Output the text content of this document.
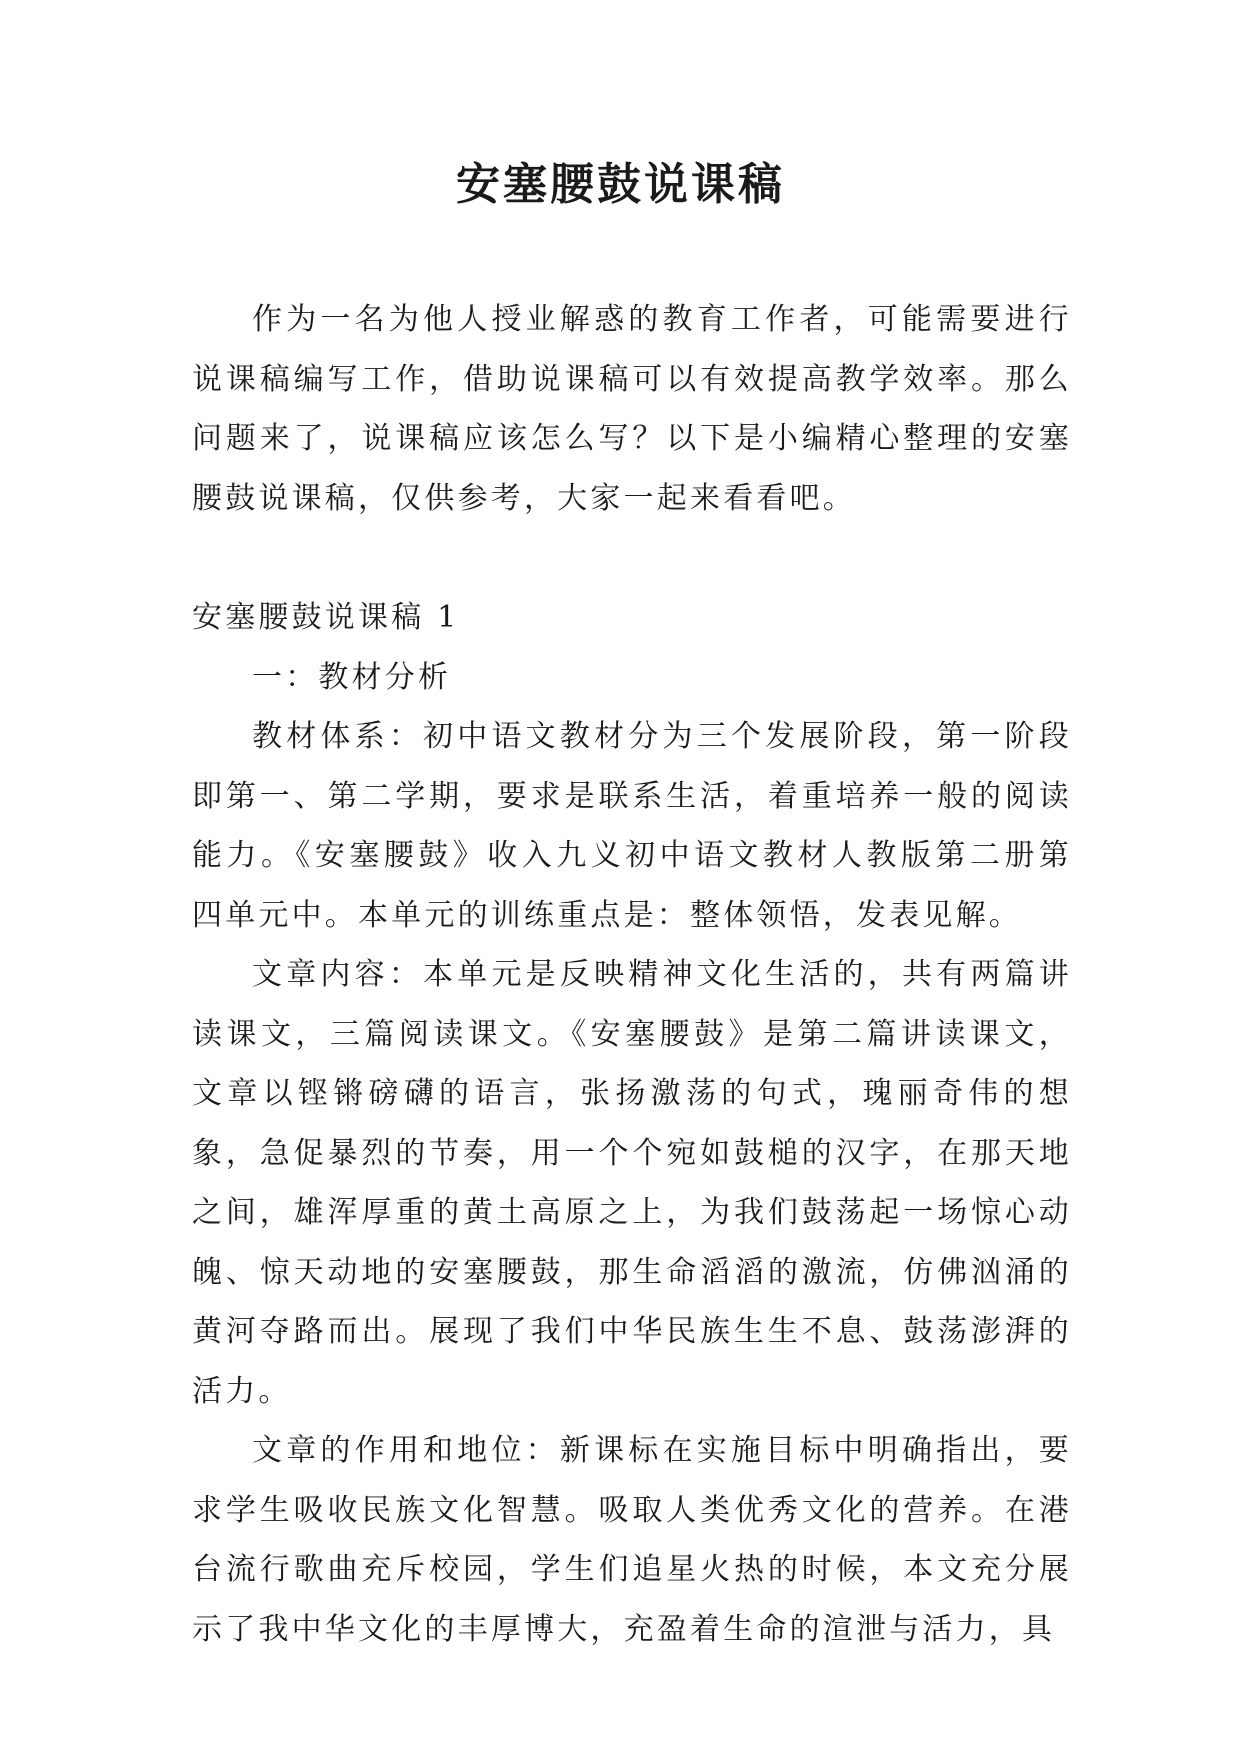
安塞腰鼓说课稿

作为一名为他人授业解惑的教育工作者，可能需要进行说课稿编写工作，借助说课稿可以有效提高教学效率。那么问题来了，说课稿应该怎么写？以下是小编精心整理的安塞腰鼓说课稿，仅供参考，大家一起来看看吧。

安塞腰鼓说课稿 1

一：教材分析

教材体系：初中语文教材分为三个发展阶段，第一阶段即第一、第二学期，要求是联系生活，着重培养一般的阅读能力。《安塞腰鼓》收入九义初中语文教材人教版第二册第四单元中。本单元的训练重点是：整体领悟，发表见解。

文章内容：本单元是反映精神文化生活的，共有两篇讲读课文，三篇阅读课文。《安塞腰鼓》是第二篇讲读课文，文章以铿锵磅礴的语言，张扬激荡的句式，瑰丽奇伟的想象，急促暴烈的节奏，用一个个宛如鼓槌的汉字，在那天地之间，雄浑厚重的黄土高原之上，为我们鼓荡起一场惊心动魄、惊天动地的安塞腰鼓，那生命滔滔的激流，仿佛汹涌的黄河夺路而出。展现了我们中华民族生生不息、鼓荡澎湃的活力。

文章的作用和地位：新课标在实施目标中明确指出，要求学生吸收民族文化智慧。吸取人类优秀文化的营养。在港台流行歌曲充斥校园，学生们追星火热的时候，本文充分展示了我中华文化的丰厚博大，充盈着生命的渲泄与活力，具
